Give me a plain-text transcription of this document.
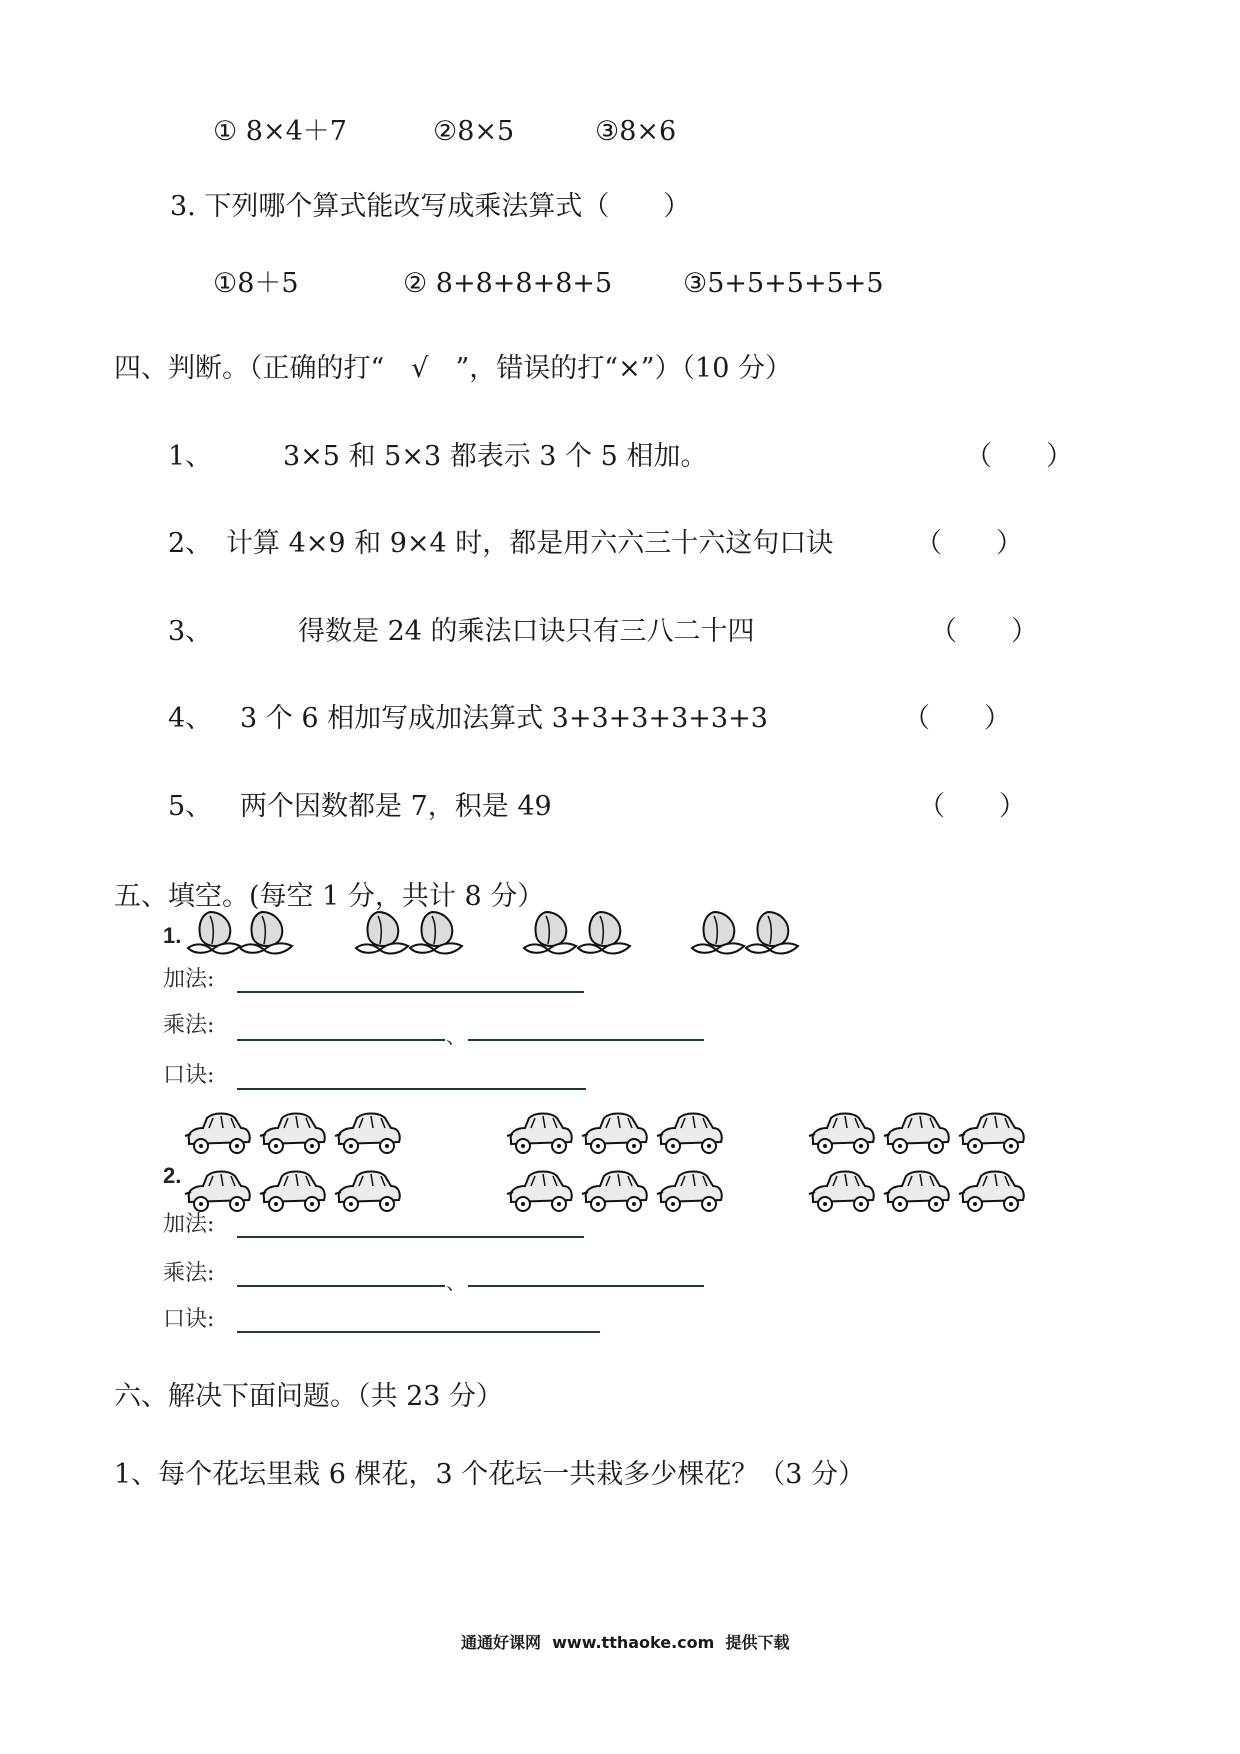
① 8×4＋7	②8×5	③8×6
3. 下列哪个算式能改写成乘法算式（　　）
①8＋5	② 8+8+8+8+5	③5+5+5+5+5
四、判断。（正确的打“　√　”，错误的打“×”）（10 分）
1、	3×5 和 5×3 都表示 3 个 5 相加。	（　　）
2、 计算 4×9 和 9×4 时，都是用六六三十六这句口诀	（　　）
3、	得数是 24 的乘法口诀只有三八二十四	（　　）
4、 3 个 6 相加写成加法算式 3+3+3+3+3+3	（　　）
5、 两个因数都是 7，积是 49	（　　）
五、填空。(每空 1 分，共计 8 分）
1.
加法:
乘法:	、
口诀:
2.
加法:
乘法:	、
口诀:
六、解决下面问题。（共 23 分）
1、每个花坛里栽 6 棵花，3 个花坛一共栽多少棵花？（3 分）
通通好课网  www.tthaoke.com  提供下载
